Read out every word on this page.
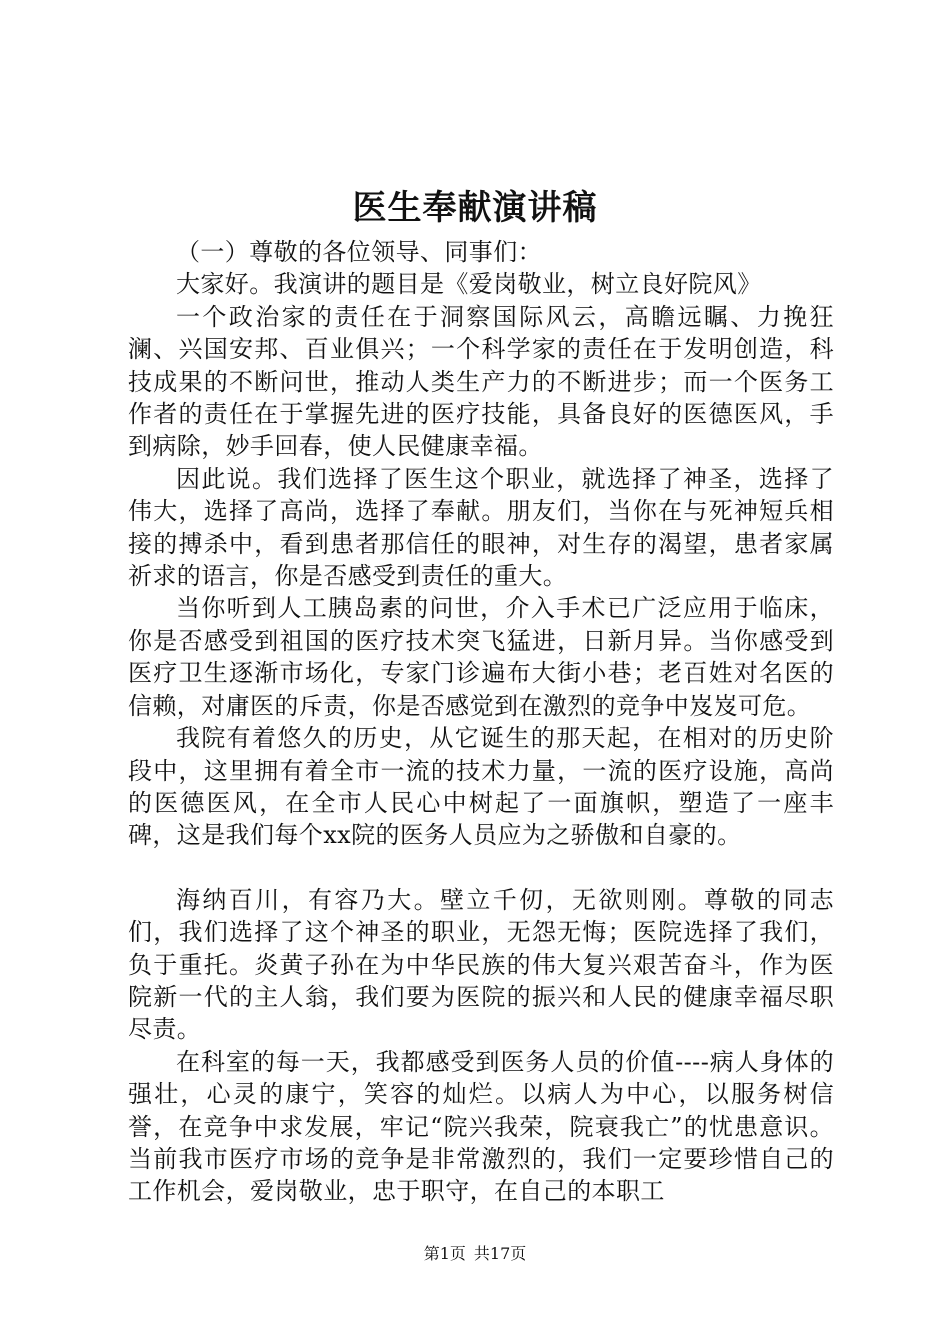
医生奉献演讲稿

（一）尊敬的各位领导、同事们：

大家好。我演讲的题目是《爱岗敬业，树立良好院风》

一个政治家的责任在于洞察国际风云，高瞻远瞩、力挽狂澜、兴国安邦、百业俱兴；一个科学家的责任在于发明创造，科技成果的不断问世，推动人类生产力的不断进步；而一个医务工作者的责任在于掌握先进的医疗技能，具备良好的医德医风，手到病除，妙手回春，使人民健康幸福。

因此说。我们选择了医生这个职业，就选择了神圣，选择了伟大，选择了高尚，选择了奉献。朋友们，当你在与死神短兵相接的搏杀中，看到患者那信任的眼神，对生存的渴望，患者家属祈求的语言，你是否感受到责任的重大。

当你听到人工胰岛素的问世，介入手术已广泛应用于临床，你是否感受到祖国的医疗技术突飞猛进，日新月异。当你感受到医疗卫生逐渐市场化，专家门诊遍布大街小巷；老百姓对名医的信赖，对庸医的斥责，你是否感觉到在激烈的竞争中岌岌可危。

我院有着悠久的历史，从它诞生的那天起，在相对的历史阶段中，这里拥有着全市一流的技术力量，一流的医疗设施，高尚的医德医风，在全市人民心中树起了一面旗帜，塑造了一座丰碑，这是我们每个xx院的医务人员应为之骄傲和自豪的。

海纳百川，有容乃大。壁立千仞，无欲则刚。尊敬的同志们，我们选择了这个神圣的职业，无怨无悔；医院选择了我们，负于重托。炎黄子孙在为中华民族的伟大复兴艰苦奋斗，作为医院新一代的主人翁，我们要为医院的振兴和人民的健康幸福尽职尽责。

在科室的每一天，我都感受到医务人员的价值----病人身体的强壮，心灵的康宁，笑容的灿烂。以病人为中心，以服务树信誉，在竞争中求发展，牢记“院兴我荣，院衰我亡”的忧患意识。当前我市医疗市场的竞争是非常激烈的，我们一定要珍惜自己的工作机会，爱岗敬业，忠于职守，在自己的本职工

第1页 共17页
